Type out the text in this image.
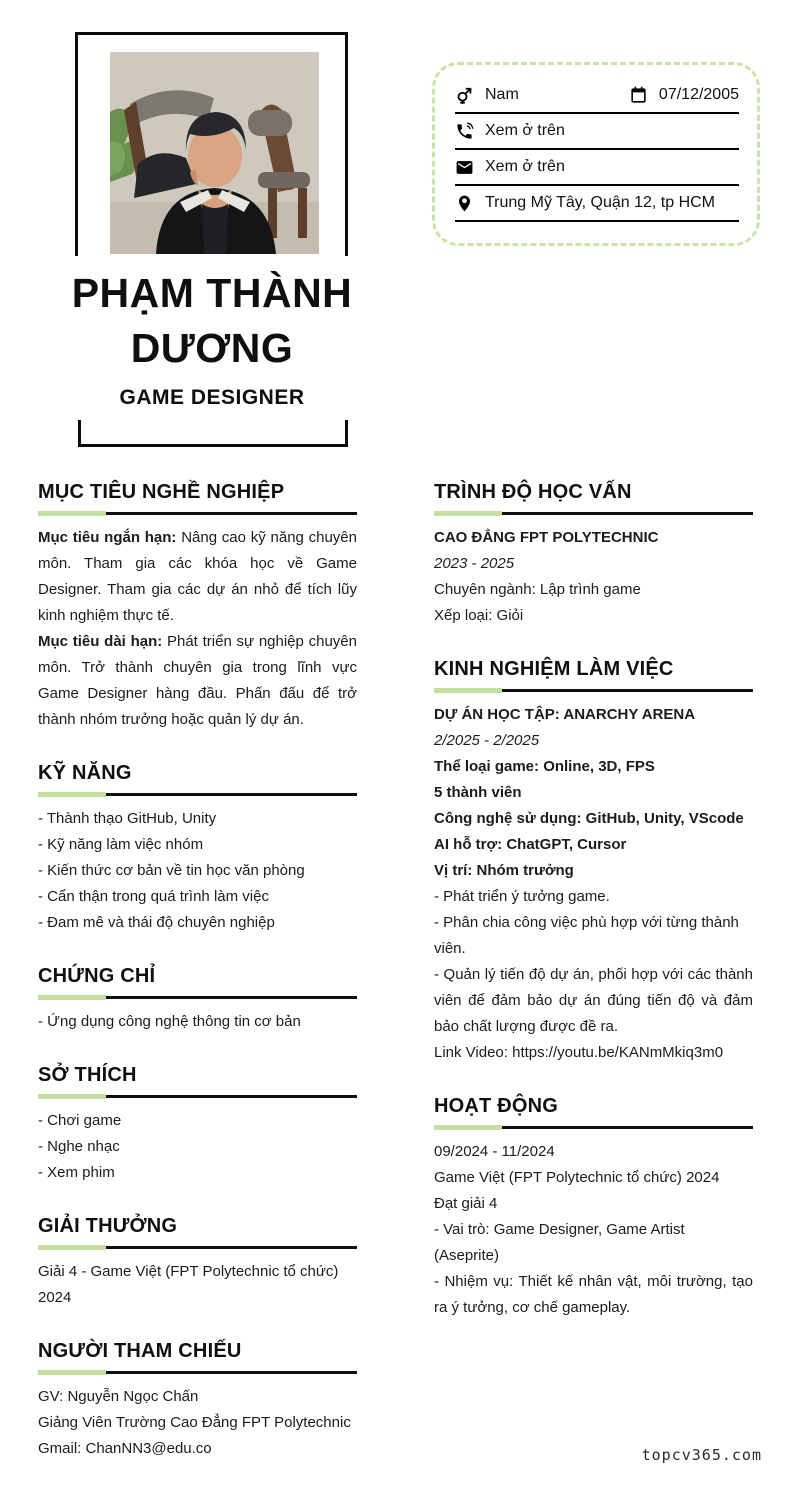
Nam	07/12/2005
Xem ở trên
Xem ở trên
Trung Mỹ Tây, Quận 12, tp HCM
PHẠM THÀNH
DƯƠNG
GAME DESIGNER
MỤC TIÊU NGHỀ NGHIỆP

Mục tiêu ngắn hạn: Nâng cao kỹ năng chuyên môn. Tham gia các khóa học về Game Designer. Tham gia các dự án nhỏ để tích lũy kinh nghiệm thực tế.

Mục tiêu dài hạn: Phát triển sự nghiệp chuyên môn. Trở thành chuyên gia trong lĩnh vực Game Designer hàng đầu. Phấn đấu để trở thành nhóm trưởng hoặc quản lý dự án.

KỸ NĂNG
- Thành thạo GitHub, Unity
- Kỹ năng làm việc nhóm
- Kiến thức cơ bản về tin học văn phòng
- Cẩn thận trong quá trình làm việc
- Đam mê và thái độ chuyên nghiệp
CHỨNG CHỈ
- Ứng dụng công nghệ thông tin cơ bản
SỞ THÍCH
- Chơi game
- Nghe nhạc
- Xem phim
GIẢI THƯỞNG
Giải 4 - Game Việt (FPT Polytechnic tổ chức) 2024
NGƯỜI THAM CHIẾU
GV: Nguyễn Ngọc Chấn
Giảng Viên Trường Cao Đẳng FPT Polytechnic
Gmail: ChanNN3@edu.co
TRÌNH ĐỘ HỌC VẤN
CAO ĐẲNG FPT POLYTECHNIC
2023 - 2025
Chuyên ngành: Lập trình game
Xếp loại: Giỏi
KINH NGHIỆM LÀM VIỆC
DỰ ÁN HỌC TẬP: ANARCHY ARENA
2/2025 - 2/2025
Thể loại game: Online, 3D, FPS
5 thành viên
Công nghệ sử dụng: GitHub, Unity, VScode
AI hỗ trợ: ChatGPT, Cursor
Vị trí: Nhóm trưởng
- Phát triển ý tưởng game.
- Phân chia công việc phù hợp với từng thành viên.
- Quản lý tiến độ dự án, phối hợp với các thành viên để đảm bảo dự án đúng tiến độ và đảm bảo chất lượng được đề ra.
Link Video: https://youtu.be/KANmMkiq3m0
HOẠT ĐỘNG
09/2024 - 11/2024
Game Việt (FPT Polytechnic tổ chức) 2024
Đạt giải 4
- Vai trò: Game Designer, Game Artist (Aseprite)
- Nhiệm vụ: Thiết kế nhân vật, môi trường, tạo ra ý tưởng, cơ chế gameplay.
topcv365.com
